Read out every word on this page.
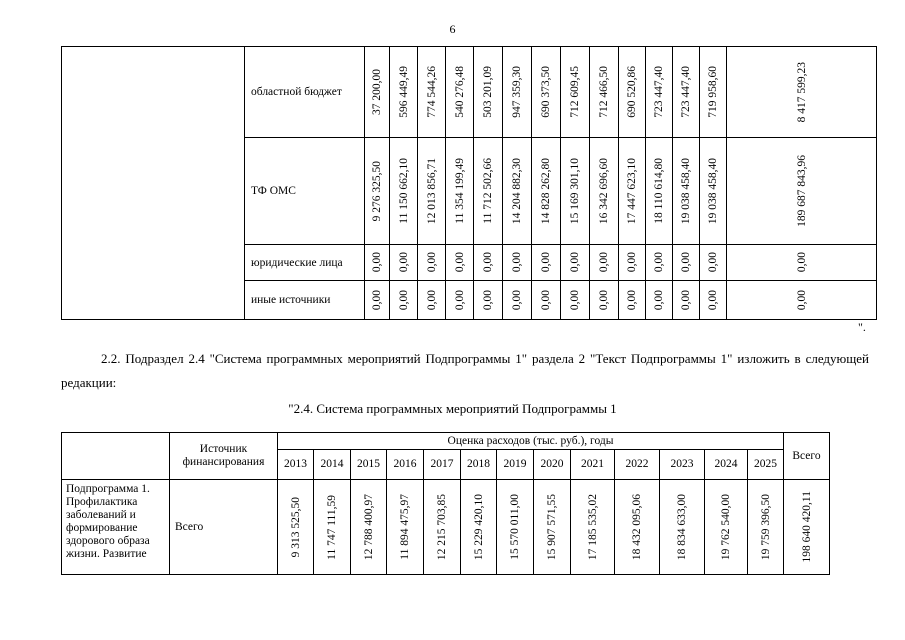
6
	областной бюджет	37 200,00	596 449,49	774 544,26	540 276,48	503 201,09	947 359,30	690 373,50	712 609,45	712 466,50	690 520,86	723 447,40	723 447,40	719 958,60	8 417 599,23

	ТФ ОМС	9 276 325,50	11 150 662,10	12 013 856,71	11 354 199,49	11 712 502,66	14 204 882,30	14 828 262,80	15 169 301,10	16 342 696,60	17 447 623,10	18 110 614,80	19 038 458,40	19 038 458,40	189 687 843,96

	юридические лица	0,00	0,00	0,00	0,00	0,00	0,00	0,00	0,00	0,00	0,00	0,00	0,00	0,00	0,00

	иные источники	0,00	0,00	0,00	0,00	0,00	0,00	0,00	0,00	0,00	0,00	0,00	0,00	0,00	0,00
".
2.2. Подраздел 2.4 "Система программных мероприятий Подпрограммы 1" раздела 2 "Текст Подпрограммы 1" изложить в следующей редакции:
"2.4. Система программных мероприятий Подпрограммы 1
	Источник финансирования	Оценка расходов (тыс. руб.), годы													Всего
		2013	2014	2015	2016	2017	2018	2019	2020	2021	2022	2023	2024	2025	
Подпрограмма 1. Профилактика заболеваний и формирование здорового образа жизни. Развитие	Всего	9 313 525,50	11 747 111,59	12 788 400,97	11 894 475,97	12 215 703,85	15 229 420,10	15 570 011,00	15 907 571,55	17 185 535,02	18 432 095,06	18 834 633,00	19 762 540,00	19 759 396,50	198 640 420,11
